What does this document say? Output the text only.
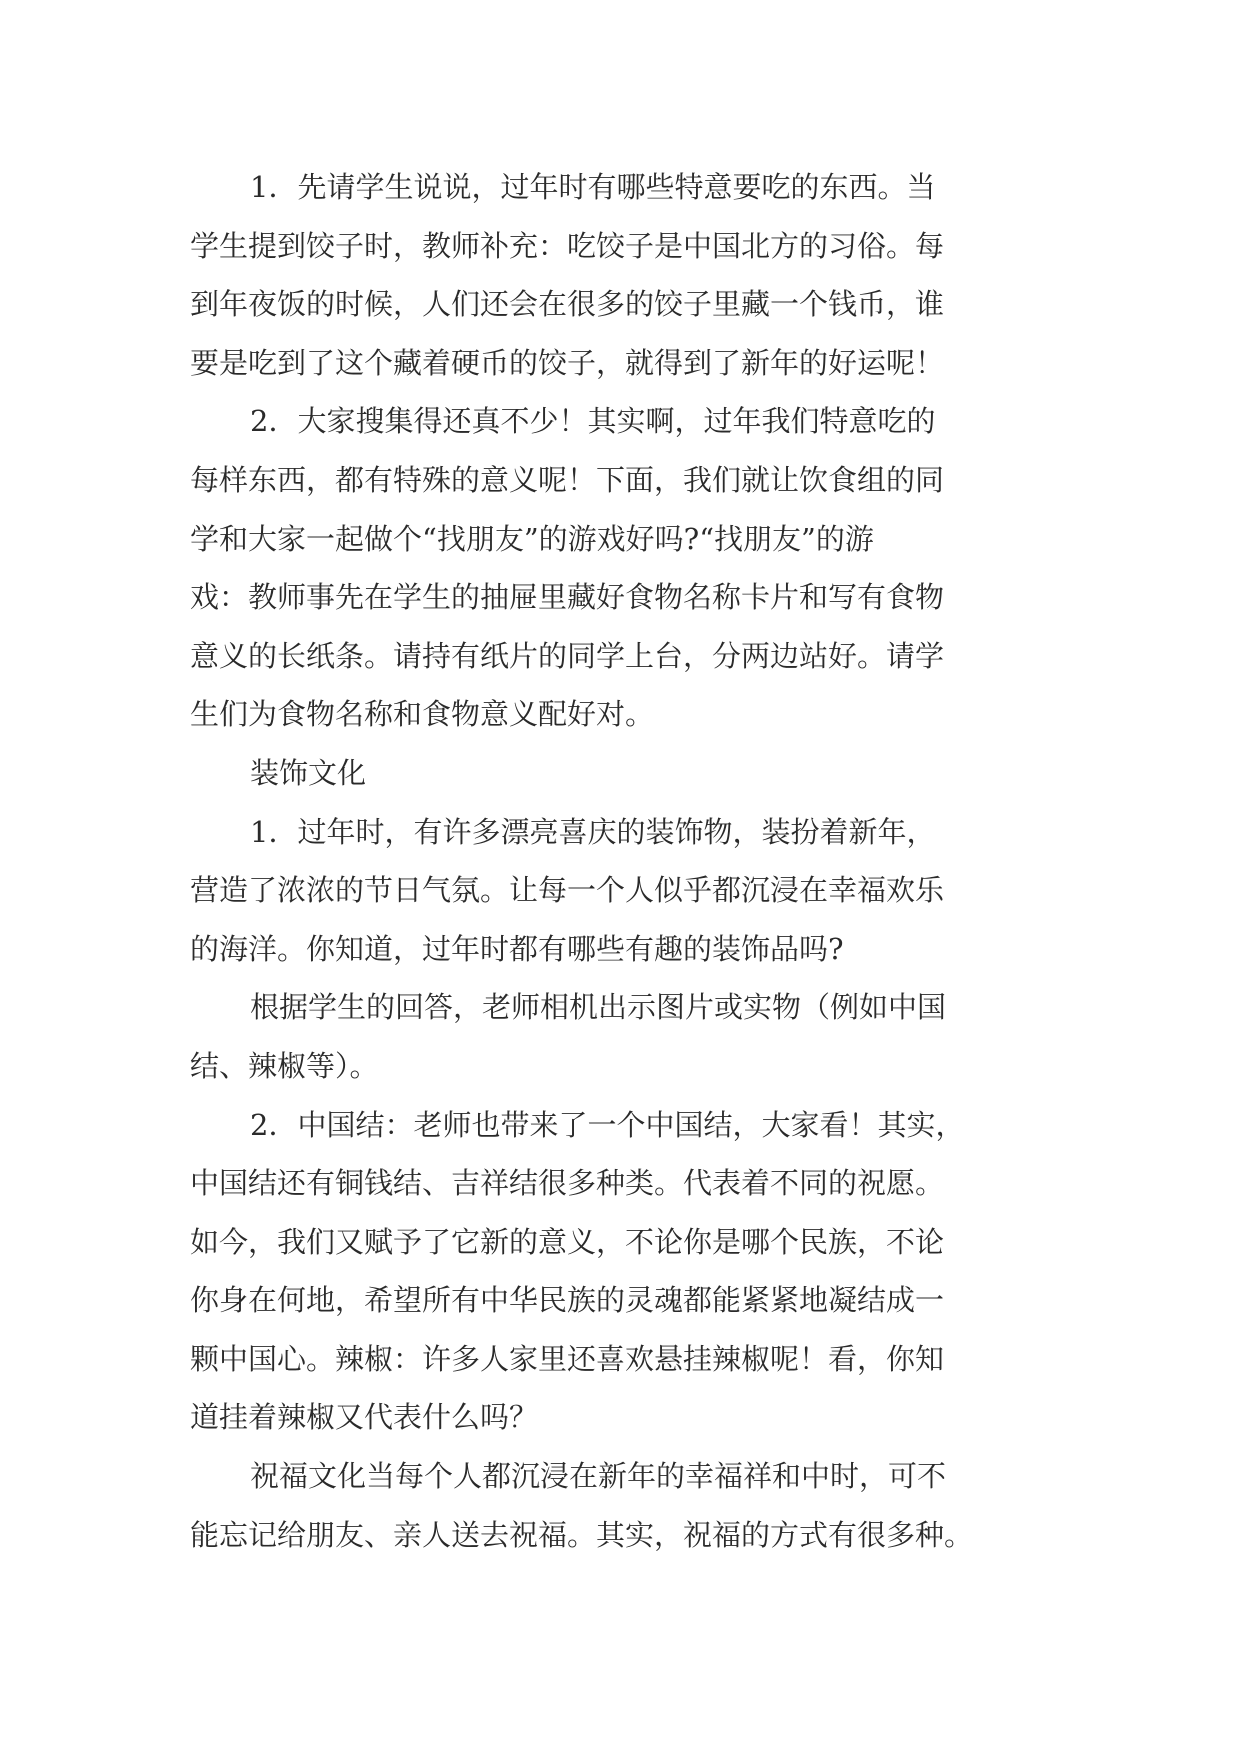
1．先请学生说说，过年时有哪些特意要吃的东西。当
学生提到饺子时，教师补充：吃饺子是中国北方的习俗。每
到年夜饭的时候，人们还会在很多的饺子里藏一个钱币，谁
要是吃到了这个藏着硬币的饺子，就得到了新年的好运呢！
2．大家搜集得还真不少！其实啊，过年我们特意吃的
每样东西，都有特殊的意义呢！下面，我们就让饮食组的同
学和大家一起做个“找朋友”的游戏好吗?“找朋友”的游
戏：教师事先在学生的抽屉里藏好食物名称卡片和写有食物
意义的长纸条。请持有纸片的同学上台，分两边站好。请学
生们为食物名称和食物意义配好对。
装饰文化
1．过年时，有许多漂亮喜庆的装饰物，装扮着新年，
营造了浓浓的节日气氛。让每一个人似乎都沉浸在幸福欢乐
的海洋。你知道，过年时都有哪些有趣的装饰品吗?
根据学生的回答，老师相机出示图片或实物（例如中国
结、辣椒等）。
2．中国结：老师也带来了一个中国结，大家看！其实，
中国结还有铜钱结、吉祥结很多种类。代表着不同的祝愿。
如今，我们又赋予了它新的意义，不论你是哪个民族，不论
你身在何地，希望所有中华民族的灵魂都能紧紧地凝结成一
颗中国心。辣椒：许多人家里还喜欢悬挂辣椒呢！看，你知
道挂着辣椒又代表什么吗？
祝福文化当每个人都沉浸在新年的幸福祥和中时，可不
能忘记给朋友、亲人送去祝福。其实，祝福的方式有很多种。
